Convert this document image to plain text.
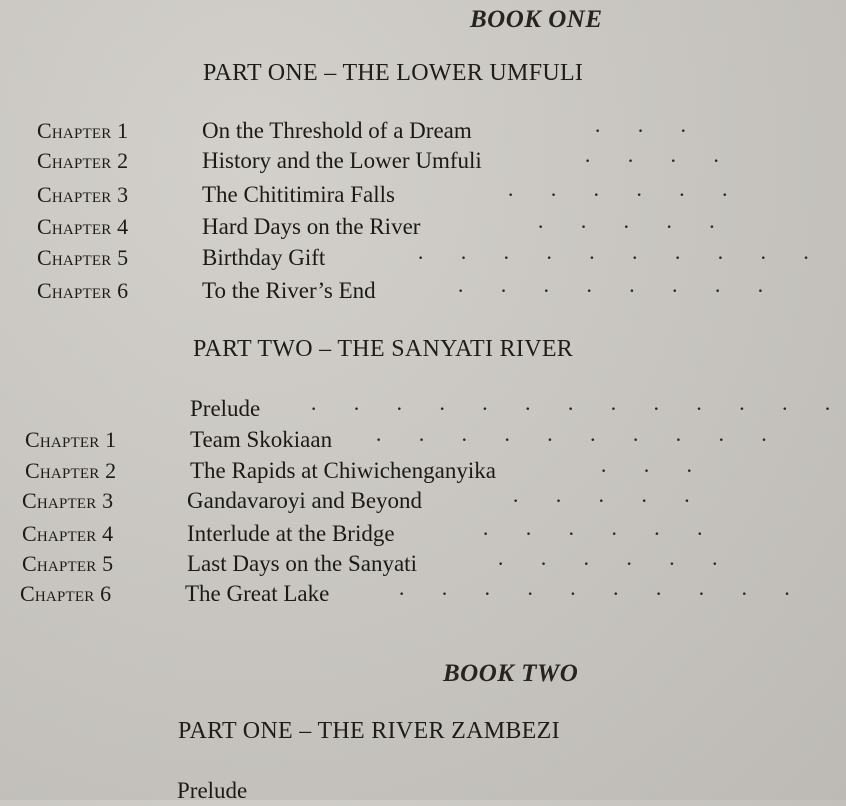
BOOK ONE
PART ONE – THE LOWER UMFULI
Chapter 1	On the Threshold of a Dream	· · ·
Chapter 2	History and the Lower Umfuli	· · · ·
Chapter 3	The Chititimira Falls	· · · · · ·
Chapter 4	Hard Days on the River	· · · · ·
Chapter 5	Birthday Gift	· · · · · · · · · ·
Chapter 6	To the River’s End	· · · · · · · ·
PART TWO – THE SANYATI RIVER
Prelude · · · · · · · · · · · · ·
Chapter 1	Team Skokiaan · · · · · · · · · ·
Chapter 2	The Rapids at Chiwichenganyika	· · ·
Chapter 3	Gandavaroyi and Beyond	· · · · ·
Chapter 4	Interlude at the Bridge	· · · · · ·
Chapter 5	Last Days on the Sanyati	· · · · · ·
Chapter 6	The Great Lake	· · · · · · · · · ·
BOOK TWO
PART ONE – THE RIVER ZAMBEZI
Prelude
